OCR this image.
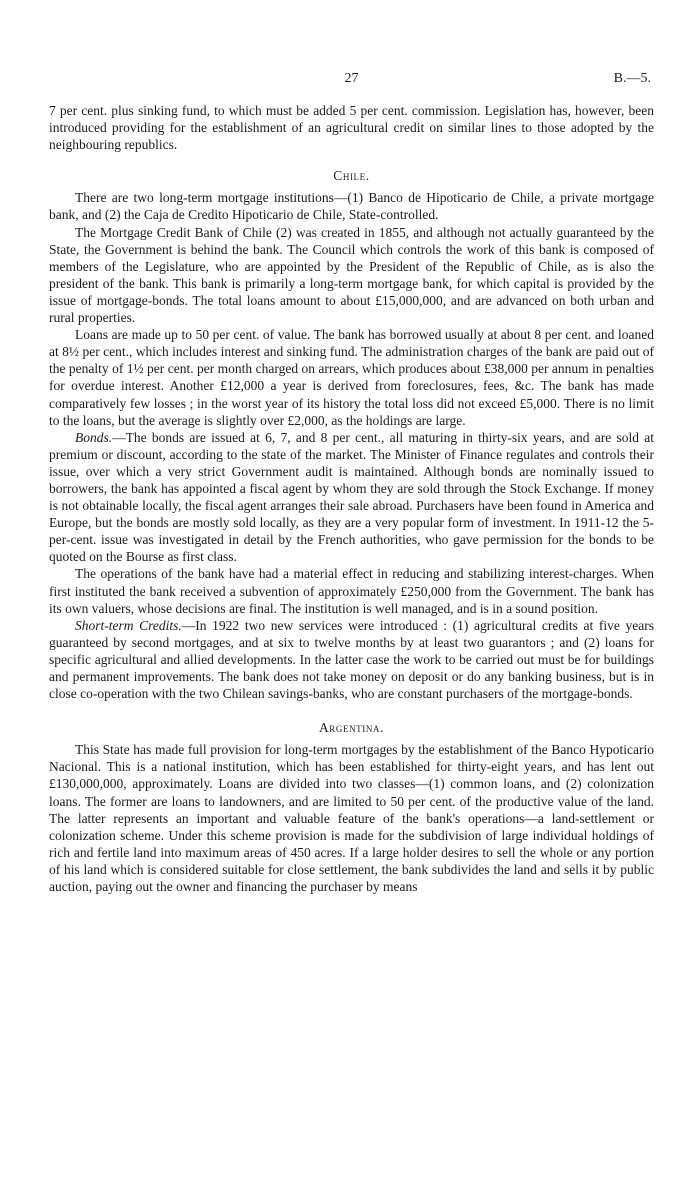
27	B.—5.

7 per cent. plus sinking fund, to which must be added 5 per cent. commission. Legislation has, however, been introduced providing for the establishment of an agricultural credit on similar lines to those adopted by the neighbouring republics.

Chile.

There are two long-term mortgage institutions—(1) Banco de Hipoticario de Chile, a private mortgage bank, and (2) the Caja de Credito Hipoticario de Chile, State-controlled.

The Mortgage Credit Bank of Chile (2) was created in 1855, and although not actually guaranteed by the State, the Government is behind the bank. The Council which controls the work of this bank is composed of members of the Legislature, who are appointed by the President of the Republic of Chile, as is also the president of the bank. This bank is primarily a long-term mortgage bank, for which capital is provided by the issue of mortgage-bonds. The total loans amount to about £15,000,000, and are advanced on both urban and rural properties.

Loans are made up to 50 per cent. of value. The bank has borrowed usually at about 8 per cent. and loaned at 8½ per cent., which includes interest and sinking fund. The administration charges of the bank are paid out of the penalty of 1½ per cent. per month charged on arrears, which produces about £38,000 per annum in penalties for overdue interest. Another £12,000 a year is derived from foreclosures, fees, &c. The bank has made comparatively few losses ; in the worst year of its history the total loss did not exceed £5,000. There is no limit to the loans, but the average is slightly over £2,000, as the holdings are large.

Bonds.—The bonds are issued at 6, 7, and 8 per cent., all maturing in thirty-six years, and are sold at premium or discount, according to the state of the market. The Minister of Finance regulates and controls their issue, over which a very strict Government audit is maintained. Although bonds are nominally issued to borrowers, the bank has appointed a fiscal agent by whom they are sold through the Stock Exchange. If money is not obtainable locally, the fiscal agent arranges their sale abroad. Purchasers have been found in America and Europe, but the bonds are mostly sold locally, as they are a very popular form of investment. In 1911-12 the 5-per-cent. issue was investigated in detail by the French authorities, who gave permission for the bonds to be quoted on the Bourse as first class.

The operations of the bank have had a material effect in reducing and stabilizing interest-charges. When first instituted the bank received a subvention of approximately £250,000 from the Government. The bank has its own valuers, whose decisions are final. The institution is well managed, and is in a sound position.

Short-term Credits.—In 1922 two new services were introduced : (1) agricultural credits at five years guaranteed by second mortgages, and at six to twelve months by at least two guarantors ; and (2) loans for specific agricultural and allied developments. In the latter case the work to be carried out must be for buildings and permanent improvements. The bank does not take money on deposit or do any banking business, but is in close co-operation with the two Chilean savings-banks, who are constant purchasers of the mortgage-bonds.

Argentina.

This State has made full provision for long-term mortgages by the establishment of the Banco Hypoticario Nacional. This is a national institution, which has been established for thirty-eight years, and has lent out £130,000,000, approximately. Loans are divided into two classes—(1) common loans, and (2) colonization loans. The former are loans to landowners, and are limited to 50 per cent. of the productive value of the land. The latter represents an important and valuable feature of the bank's operations—a land-settlement or colonization scheme. Under this scheme provision is made for the subdivision of large individual holdings of rich and fertile land into maximum areas of 450 acres. If a large holder desires to sell the whole or any portion of his land which is considered suitable for close settlement, the bank subdivides the land and sells it by public auction, paying out the owner and financing the purchaser by means
